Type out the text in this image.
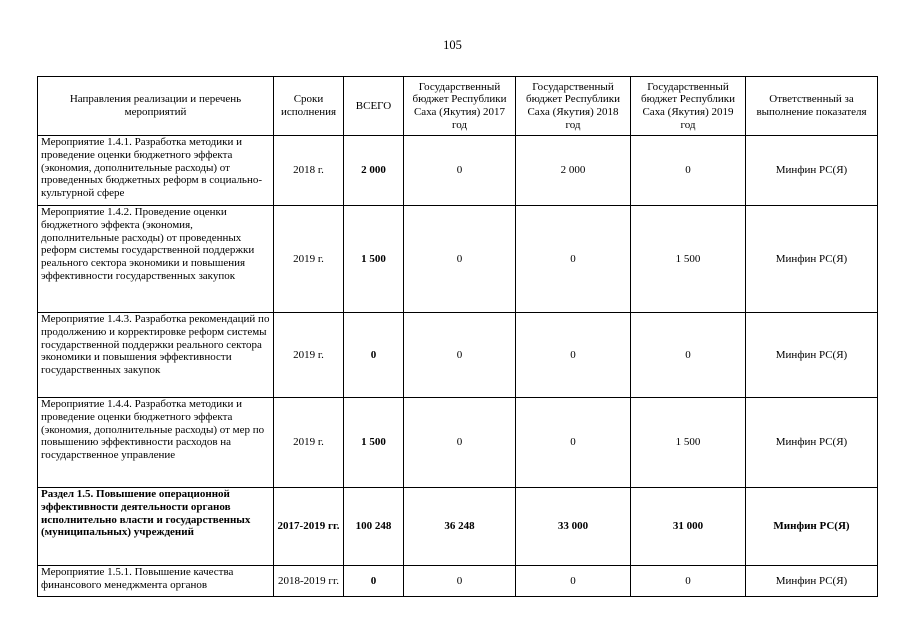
105
Направления реализации и перечень мероприятий	Сроки исполнения	ВСЕГО	Государственный бюджет Республики Саха (Якутия) 2017 год	Государственный бюджет Республики Саха (Якутия) 2018 год	Государственный бюджет Республики Саха (Якутия) 2019 год	Ответственный за выполнение показателя
Мероприятие 1.4.1. Разработка методики и проведение оценки бюджетного эффекта (экономия, дополнительные расходы) от проведенных бюджетных реформ в социально-культурной сфере	2018 г.	2 000	0	2 000	0	Минфин РС(Я)
Мероприятие 1.4.2. Проведение оценки бюджетного эффекта (экономия, дополнительные расходы) от проведенных реформ системы государственной поддержки реального сектора экономики и повышения эффективности государственных закупок	2019 г.	1 500	0	0	1 500	Минфин РС(Я)
Мероприятие 1.4.3. Разработка рекомендаций по продолжению и корректировке реформ системы государственной поддержки реального сектора экономики и повышения эффективности государственных закупок	2019 г.	0	0	0	0	Минфин РС(Я)
Мероприятие 1.4.4. Разработка методики и проведение оценки бюджетного эффекта (экономия, дополнительные расходы) от мер по повышению эффективности расходов на государственное управление	2019 г.	1 500	0	0	1 500	Минфин РС(Я)
Раздел 1.5. Повышение операционной эффективности деятельности органов исполнительно власти и государственных (муниципальных) учреждений	2017-2019 гг.	100 248	36 248	33 000	31 000	Минфин РС(Я)
Мероприятие 1.5.1. Повышение качества финансового менеджмента органов	2018-2019 гг.	0	0	0	0	Минфин РС(Я)
